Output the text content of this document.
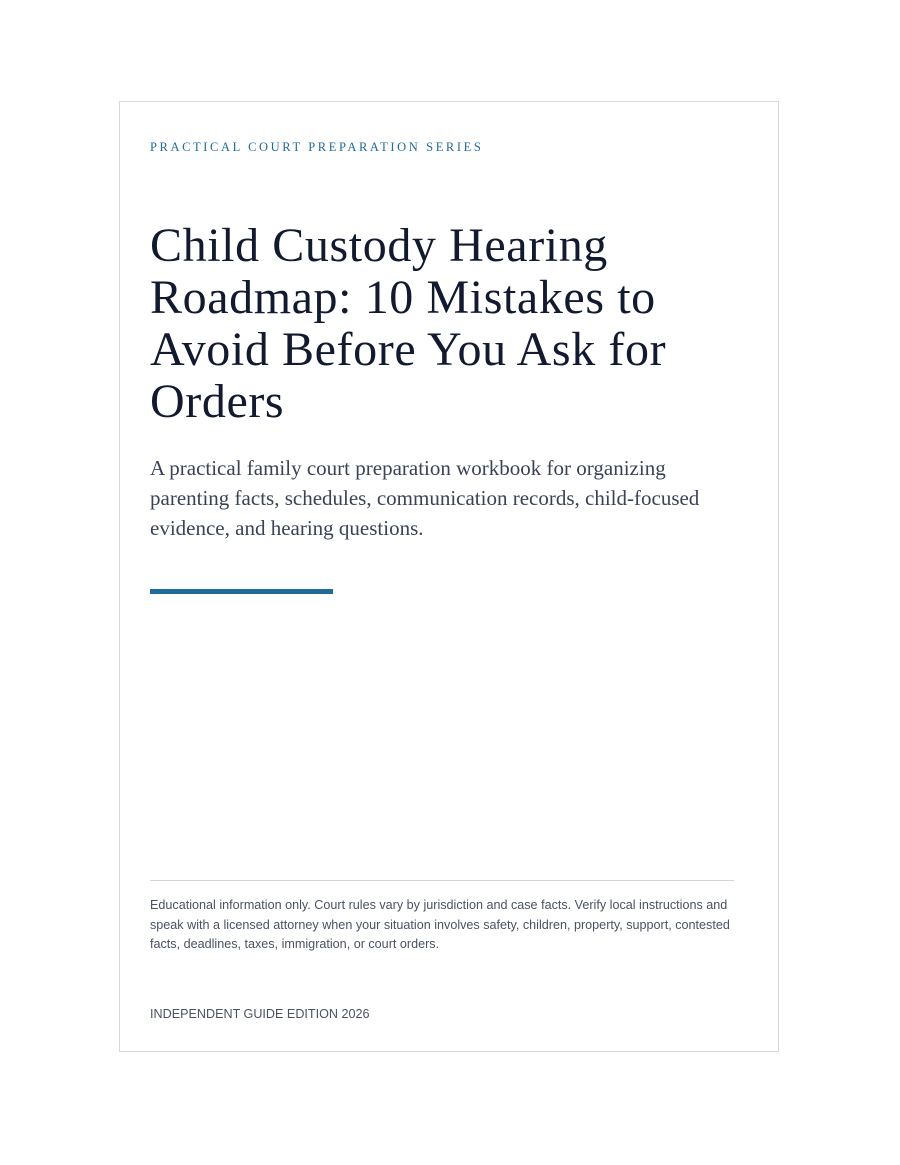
PRACTICAL COURT PREPARATION SERIES
Child Custody Hearing Roadmap: 10 Mistakes to Avoid Before You Ask for Orders

A practical family court preparation workbook for organizing parenting facts, schedules, communication records, child-focused evidence, and hearing questions.

Educational information only. Court rules vary by jurisdiction and case facts. Verify local instructions and speak with a licensed attorney when your situation involves safety, children, property, support, contested facts, deadlines, taxes, immigration, or court orders.

INDEPENDENT GUIDE EDITION 2026
